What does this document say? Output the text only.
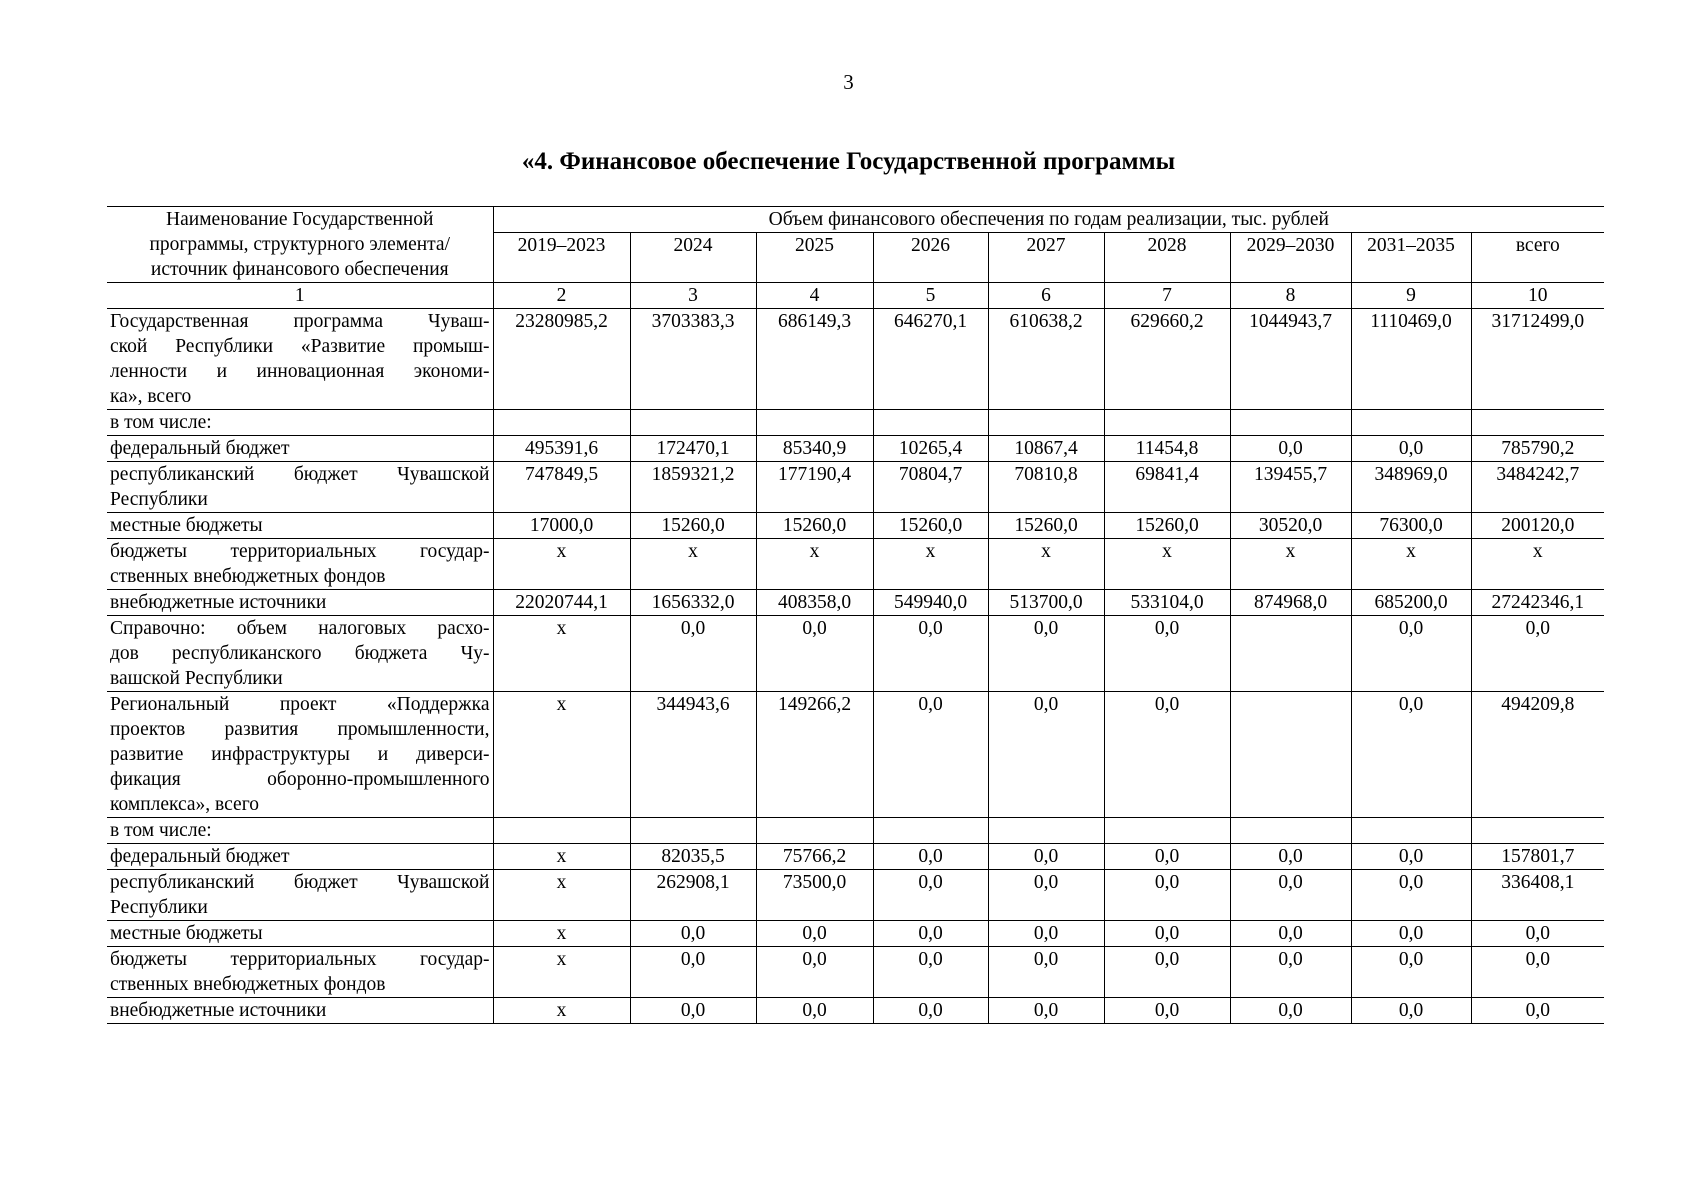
3
«4. Финансовое обеспечение Государственной программы
Наименование Государственной
программы, структурного элемента/
источник финансового обеспечения	Объем финансового обеспечения по годам реализации, тыс. рублей								
	2019–2023	2024	2025	2026	2027	2028	2029–2030	2031–2035	всего
1	2	3	4	5	6	7	8	9	10

Государственная программа Чуваш-
ской Республики «Развитие промыш-
ленности и инновационная экономи-
ка», всего	23280985,2	3703383,3	686149,3	646270,1	610638,2	629660,2	1044943,7	1110469,0	31712499,0

в том числе:									

федеральный бюджет	495391,6	172470,1	85340,9	10265,4	10867,4	11454,8	0,0	0,0	785790,2

республиканский бюджет Чувашской
Республики	747849,5	1859321,2	177190,4	70804,7	70810,8	69841,4	139455,7	348969,0	3484242,7

местные бюджеты	17000,0	15260,0	15260,0	15260,0	15260,0	15260,0	30520,0	76300,0	200120,0

бюджеты территориальных государ-
ственных внебюджетных фондов	x	x	x	x	x	x	x	x	x

внебюджетные источники	22020744,1	1656332,0	408358,0	549940,0	513700,0	533104,0	874968,0	685200,0	27242346,1

Справочно: объем налоговых расхо-
дов республиканского бюджета Чу-
вашской Республики	x	0,0	0,0	0,0	0,0	0,0		0,0	0,0

Региональный проект «Поддержка
проектов развития промышленности,
развитие инфраструктуры и диверси-
фикация оборонно-промышленного
комплекса», всего	x	344943,6	149266,2	0,0	0,0	0,0		0,0	494209,8

в том числе:									

федеральный бюджет	x	82035,5	75766,2	0,0	0,0	0,0	0,0	0,0	157801,7

республиканский бюджет Чувашской
Республики	x	262908,1	73500,0	0,0	0,0	0,0	0,0	0,0	336408,1

местные бюджеты	x	0,0	0,0	0,0	0,0	0,0	0,0	0,0	0,0

бюджеты территориальных государ-
ственных внебюджетных фондов	x	0,0	0,0	0,0	0,0	0,0	0,0	0,0	0,0

внебюджетные источники	x	0,0	0,0	0,0	0,0	0,0	0,0	0,0	0,0
